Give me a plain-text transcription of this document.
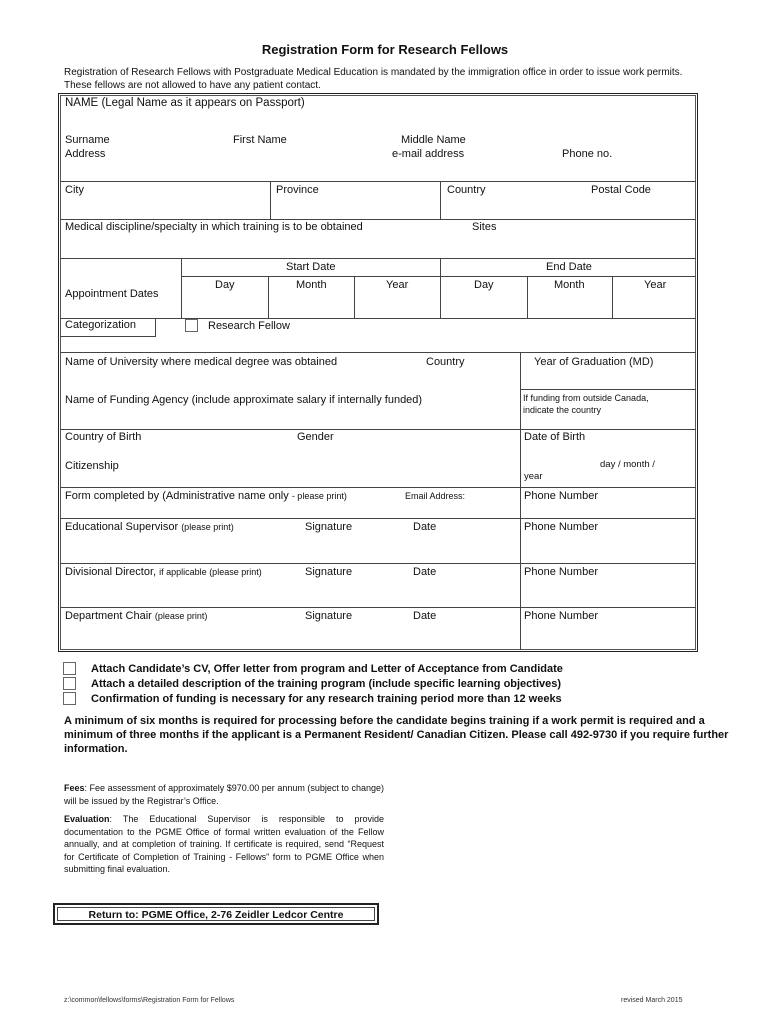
Registration Form for Research Fellows
Registration of Research Fellows with Postgraduate Medical Education is mandated by the immigration office in order to issue work permits. These fellows are not allowed to have any patient contact.
NAME (Legal Name as it appears on Passport)
Surname	First Name	Middle Name
Address	e-mail address	Phone no.
City	Province	Country	Postal Code
Medical discipline/specialty in which training is to be obtained	Sites
Start Date	End Date
Day	Month	Year	Day	Month	Year
Appointment Dates
Categorization	Research Fellow
Name of University where medical degree was obtained	Country	Year of Graduation (MD)
Name of Funding Agency (include approximate salary if internally funded)	If funding from outside Canada,
indicate the country
Country of Birth	Gender	Date of Birth
Citizenship	day / month /
year
Form completed by (Administrative name only - please print)	Email Address:	Phone Number
Educational Supervisor (please print)	Signature	Date	Phone Number
Divisional Director, if applicable (please print)	Signature	Date	Phone Number
Department Chair (please print)	Signature	Date	Phone Number
Attach Candidate’s CV, Offer letter from program and Letter of Acceptance from Candidate
Attach a detailed description of the training program (include specific learning objectives)
Confirmation of funding is necessary for any research training period more than 12 weeks
A minimum of six months is required for processing before the candidate begins training if a work permit is required and a minimum of three months if the applicant is a Permanent Resident/ Canadian Citizen. Please call 492-9730 if you require further information.
Fees: Fee assessment of approximately $970.00 per annum (subject to change) will be issued by the Registrar’s Office.
Evaluation: The Educational Supervisor is responsible to provide documentation to the PGME Office of formal written evaluation of the Fellow annually, and at completion of training. If certificate is required, send “Request for Certificate of Completion of Training - Fellows” form to PGME Office when submitting final evaluation.
Return to: PGME Office, 2-76 Zeidler Ledcor Centre
z:\common\fellows\forms\Registration Form for Fellows	revised March 2015
